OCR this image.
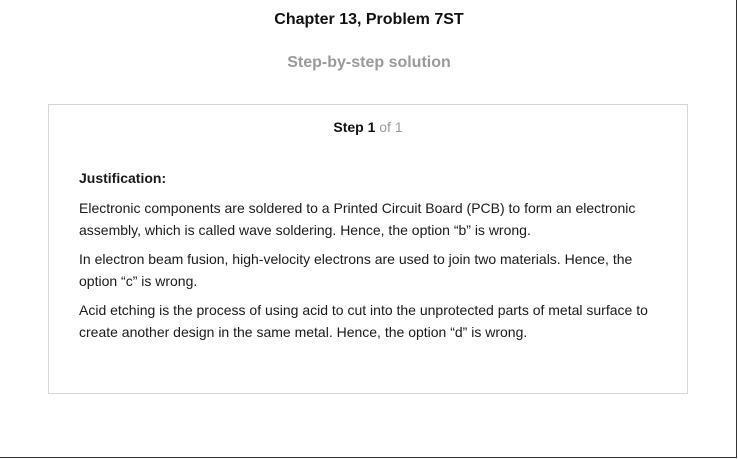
Chapter 13, Problem 7ST
Step-by-step solution
Step 1 of 1

Justification:

Electronic components are soldered to a Printed Circuit Board (PCB) to form an electronic assembly, which is called wave soldering. Hence, the option “b” is wrong.

In electron beam fusion, high-velocity electrons are used to join two materials. Hence, the option “c” is wrong.

Acid etching is the process of using acid to cut into the unprotected parts of metal surface to create another design in the same metal. Hence, the option “d” is wrong.
